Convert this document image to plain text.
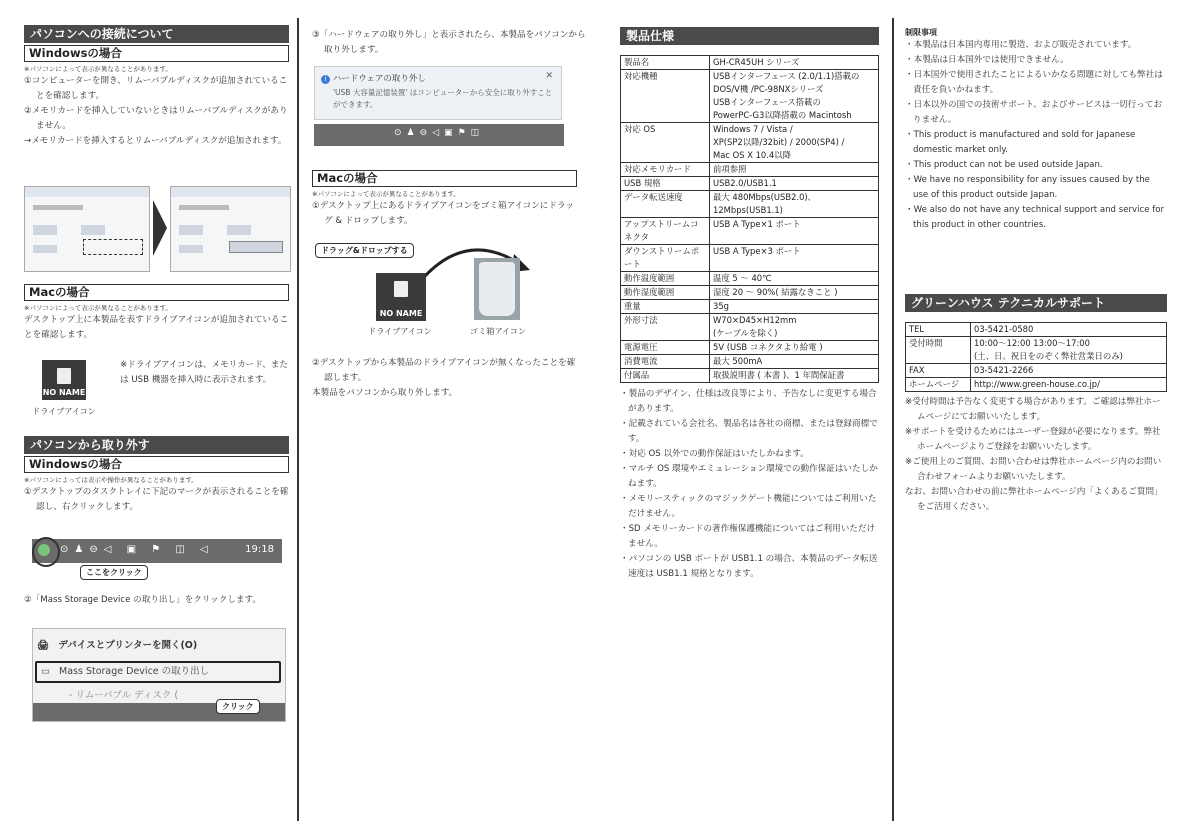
パソコンへの接続について
Windowsの場合
※パソコンによって表示が異なることがあります。
①コンピューターを開き、リムーバブルディスクが追加されていることを確認します。
②メモリカードを挿入していないときはリムーバブルディスクがありません。
→メモリカードを挿入するとリムーバブルディスクが追加されます。
Macの場合
※パソコンによって表示が異なることがあります。
デスクトップ上に本製品を表すドライブアイコンが追加されていることを確認します。
NO NAME
ドライブアイコン
※ドライブアイコンは、メモリカード、または USB 機器を挿入時に表示されます。
パソコンから取り外す
Windowsの場合
※パソコンによっては表示や操作が異なることがあります。
①デスクトップのタスクトレイに下記のマークが表示されることを確認し、右クリックします。
⊙♟⊖◁ ▣ ⚑ ◫ ◁	19:18
ここをクリック
②「Mass Storage Device の取り出し」をクリックします。
🖨 デバイスとプリンターを開く(O)
▭ Mass Storage Device の取り出し
- リムーバブル ディスク (
クリック
③「ハードウェアの取り外し」と表示されたら、本製品をパソコンから取り外します。
i ハードウェアの取り外し	✕
'USB 大容量記憶装置' はコンピューターから安全に取り外すことができます。
⊙♟⊖◁▣⚑◫
Macの場合
※パソコンによって表示が異なることがあります。
①デスクトップ上にあるドライブアイコンをゴミ箱アイコンにドラッグ & ドロップします。
ドラッグ&ドロップする
NO NAME
ドライブアイコン	ゴミ箱アイコン
②デスクトップから本製品のドライブアイコンが無くなったことを確認します。
本製品をパソコンから取り外します。
製品仕様
製品名	GH-CR45UH シリーズ
対応機種	USBインターフェース (2.0/1.1)搭載のDOS/V機 /PC-98NXシリーズ
USBインターフェース搭載の
PowerPC-G3以降搭載の Macintosh
対応 OS	Windows 7 / Vista /
XP(SP2以降/32bit) / 2000(SP4) /
Mac OS X 10.4以降
対応メモリカード	前項参照
USB 規格	USB2.0/USB1.1
データ転送速度	最大 480Mbps(USB2.0)、
12Mbps(USB1.1)
アップストリームコネクタ	USB A Type×1 ポート
ダウンストリームポート	USB A Type×3 ポート
動作温度範囲	温度 5 ～ 40℃
動作湿度範囲	湿度 20 ～ 90%( 結露なきこと )
重量	35g
外形寸法	W70×D45×H12mm
(ケーブルを除く)
電源電圧	5V (USB コネクタより給電 )
消費電流	最大 500mA
付属品	取扱説明書 ( 本書 )、1 年間保証書
・製品のデザイン、仕様は改良等により、予告なしに変更する場合があります。
・記載されている会社名、製品名は各社の商標、または登録商標です。
・対応 OS 以外での動作保証はいたしかねます。
・マルチ OS 環境やエミュレーション環境での動作保証はいたしかねます。
・メモリースティックのマジックゲート機能についてはご利用いただけません。
・SD メモリーカードの著作権保護機能についてはご利用いただけません。
・パソコンの USB ポートが USB1.1 の場合、本製品のデータ転送速度は USB1.1 規格となります。
制限事項
・本製品は日本国内専用に製造、および販売されています。
・本製品は日本国外では使用できません。
・日本国外で使用されたことによるいかなる問題に対しても弊社は責任を負いかねます。
・日本以外の国での技術サポート、およびサービスは一切行っておりません。
・This product is manufactured and sold for Japanese domestic market only.
・This product can not be used outside Japan.
・We have no responsibility for any issues caused by the use of this product outside Japan.
・We also do not have any technical support and service for this product in other countries.
グリーンハウス テクニカルサポート
TEL	03-5421-0580
受付時間	10:00～12:00 13:00～17:00
(土、日、祝日をのぞく弊社営業日のみ)
FAX	03-5421-2266
ホームページ	http://www.green-house.co.jp/
※受付時間は予告なく変更する場合があります。ご確認は弊社ホームページにてお願いいたします。
※サポートを受けるためにはユーザー登録が必要になります。弊社ホームページよりご登録をお願いいたします。
※ご使用上のご質問、お問い合わせは弊社ホームページ内のお問い合わせフォームよりお願いいたします。
なお、お問い合わせの前に弊社ホームページ内「よくあるご質問」をご活用ください。
